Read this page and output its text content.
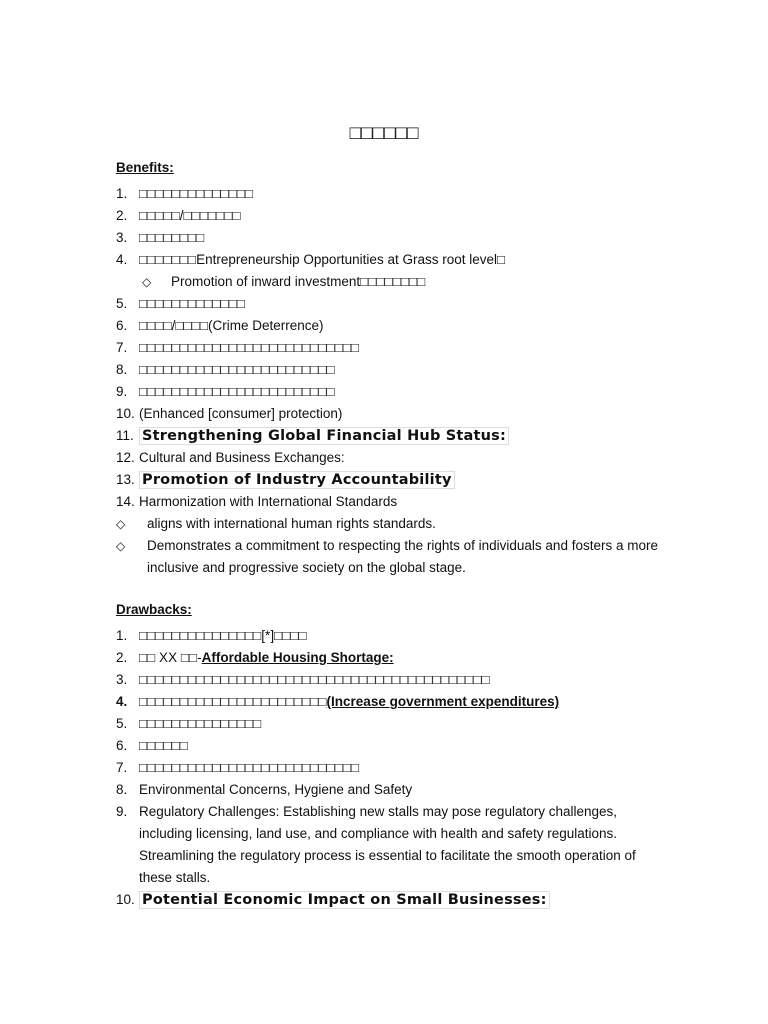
□□□□□□
Benefits:
1. □□□□□□□□□□□□□□
2. □□□□□/□□□□□□□
3. □□□□□□□□
4. □□□□□□□Entrepreneurship Opportunities at Grass root level□
◇ Promotion of inward investment□□□□□□□□
5. □□□□□□□□□□□□□
6. □□□□/□□□□(Crime Deterrence)
7. □□□□□□□□□□□□□□□□□□□□□□□□□□□
8. □□□□□□□□□□□□□□□□□□□□□□□□
9. □□□□□□□□□□□□□□□□□□□□□□□□
10. (Enhanced [consumer] protection)
11. Strengthening Global Financial Hub Status:
12. Cultural and Business Exchanges:
13. Promotion of Industry Accountability
14. Harmonization with International Standards
◇ aligns with international human rights standards.
◇ Demonstrates a commitment to respecting the rights of individuals and fosters a more inclusive and progressive society on the global stage.
Drawbacks:
1. □□□□□□□□□□□□□□□[*]□□□□
2. □□ XX □□-Affordable Housing Shortage:
3. □□□□□□□□□□□□□□□□□□□□□□□□□□□□□□□□□□□□□□□□□□□
4. □□□□□□□□□□□□□□□□□□□□□□□(Increase government expenditures)
5. □□□□□□□□□□□□□□□
6. □□□□□□
7. □□□□□□□□□□□□□□□□□□□□□□□□□□□
8. Environmental Concerns, Hygiene and Safety
9. Regulatory Challenges: Establishing new stalls may pose regulatory challenges, including licensing, land use, and compliance with health and safety regulations. Streamlining the regulatory process is essential to facilitate the smooth operation of these stalls.
10. Potential Economic Impact on Small Businesses:
